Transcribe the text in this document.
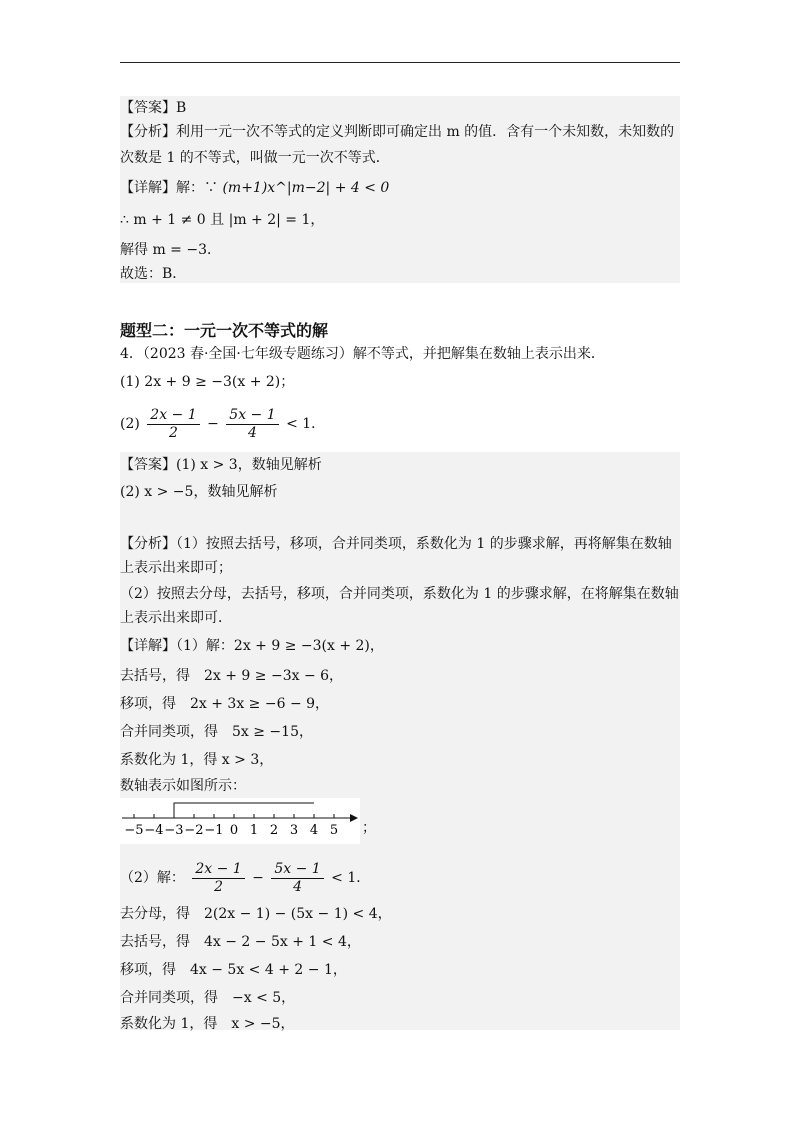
【答案】B
【分析】利用一元一次不等式的定义判断即可确定出 m 的值．含有一个未知数，未知数的
次数是 1 的不等式，叫做一元一次不等式．
【详解】解：∵ (m+1)x^|m−2| + 4 < 0
∴ m + 1 ≠ 0 且 |m + 2| = 1，
解得 m = −3．
故选：B．
题型二：一元一次不等式的解
4．（2023 春·全国·七年级专题练习）解不等式，并把解集在数轴上表示出来．
(1) 2x + 9 ≥ −3(x + 2)；
$(2) \frac{2x - 1}{2} - \frac{5x - 1}{4} < 1$．
【答案】(1) x > 3，数轴见解析
(2) x > −5，数轴见解析
【分析】（1）按照去括号，移项，合并同类项，系数化为 1 的步骤求解，再将解集在数轴
上表示出来即可；
（2）按照去分母，去括号，移项，合并同类项，系数化为 1 的步骤求解，在将解集在数轴
上表示出来即可．
【详解】（1）解：2x + 9 ≥ −3(x + 2)，
去括号，得　2x + 9 ≥ −3x − 6，
移项，得　2x + 3x ≥ −6 − 9，
合并同类项，得　5x ≥ −15，
系数化为 1，得 x > 3，
数轴表示如图所示：
−5 −4 −3 −2 −1 0 1 2 3 4 5 ；
（2）解： $\frac{2x - 1}{2} - \frac{5x - 1}{4} < 1$．
去分母，得　2(2x − 1) − (5x − 1) < 4，
去括号，得　4x − 2 − 5x + 1 < 4，
移项，得　4x − 5x < 4 + 2 − 1，
合并同类项，得　−x < 5，
系数化为 1，得　x > −5，
